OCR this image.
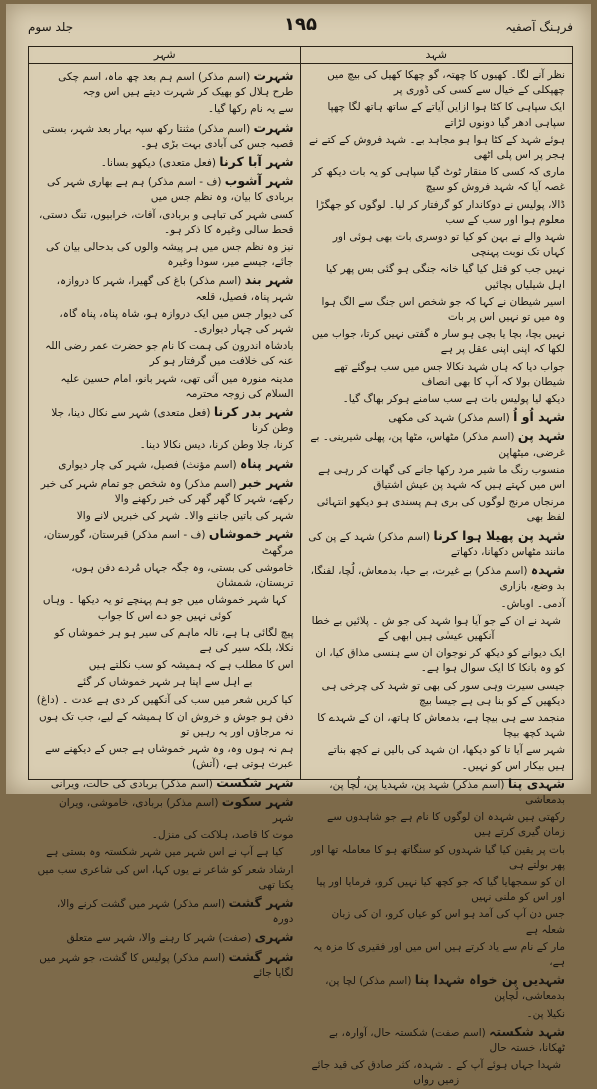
جلد سوم	۱۹۵	فرہنگ آصفیہ
شہد
نظر آنے لگا۔ کھیوں کا چھتہ، گو چھکا کھیل کی بیچ میں چھپکلی کے خیال سے کسی کی ڈوری پر
ایک سپاہی کا کٹا ہوا ازایں آیاتے کے ساتھ ہاتھ لگا چھپا سپاہی ادھر گیا دونوں لڑاتے
ہوئے شہد کے کٹا ہوا ہو مجاہد بے۔ شہد فروش کے کتے نے ہجر پر اس پلی اٹھی
ماری کہ کسی کا منقار ٹوٹ گیا سپاہی کو یہ بات دیکھ کر غصہ آیا کہ شہد فروش کو سیچ
ڈالا، پولیس نے دوکاندار کو گرفتار کر لیا۔ لوگوں کو جھگڑا معلوم ہوا اور سب کے سب
شہد والے نے بہن کو کیا تو دوسری بات بھی ہوئی اور کہاں تک نوبت پہنچی
نہیں جب کو قتل کیا گیا خانہ جنگی ہو گئی بس پھر کیا اہل شیلیاں بچائیں
اسیر شیطان نے کہا کہ جو شخص اس جنگ سے الگ ہوا وہ میں تو نہیں اس پر بات
نہیں بچا، بچا یا بچی ہو سار ہ گفتی نہیں کرتا، جواب میں لکھا کہ اپنی اپنی عقل پر ہے
جواب دیا کہ ہاں شہد نکالا جس میں سب ہوگئے تھے شیطان بولا کہ آپ کا بھی انصاف
دیکھ لیا پولیس بات ہے سب سامنے ہوکر بھاگ گیا۔
شہد اُو اُ (اسم مذکر) شہد کی مکھی
شہد پن (اسم مذکر) مٹھاس، مٹھا پن، پھلی شیرینی۔ بے غرضی، میٹھاپن
منسوب رنگ ما شیر مرد رکھا جانے کی گھات کر رہی ہے اس میں کہتے ہیں کہ شہد پن عیش اشتیاق
مرنجاں مرنج لوگوں کی بری ہم پسندی ہو دیکھو انتہائی لفظ بھی
شہد پن پھیلا ہوا کرنا (اسم مذکر) شہد کے پن کی مانند مٹھاس دکھانا، دکھاتے
شہدہ (اسم مذکر) بے غیرت، بے حیا، بدمعاش، لُچا، لفنگا، بد وضع، بازاری
آدمی۔ اوباش۔
شہد نے ان کے جو آیا ہوا شہد کی جو ش ۔ پلائیں بے خطا آنکھیں عیسٰی ہیں ابھی کے
ایک دیوانے کو دیکھ کر نوجوان ان سے ہنسی مذاق کیا، ان کو وہ بانکا کا ایک سوال ہوا ہے۔
جیسی سیرت وہی سور کی بھی تو شہد کی چرخی ہی دیکھیں کے کو بنا ہی ہے جیسا بیچ
منجمد سے ہی بیچا ہے، بدمعاش کا ہاتھ، ان کے شہدے کا شہد کچھ بیچا
شہر سے آیا تا کو دیکھا، ان شہد کی بالیں نے کچھ بناتے ہیں بیکار اس کو نہیں۔
شہدی پنا (اسم مذکر) شہد پن، شہدیا پن، لُچا پن، بدمعاشی
رکھتی ہیں شہدہ ان لوگوں کا نام ہے جو شاہدوں سے زمان گیری کرتے ہیں
بات پر یقین کیا گیا شہدوں کو سنگاتھ ہو کا معاملہ تھا اور پھر بولتے ہی
ان کو سمجھایا گیا کہ جو کچھ کیا نہیں کرو، فرمایا اور پیا اور اس کو ملنی نہیں
جس دن آپ کی آمد ہو اس کو عیاں کرو، ان کی زبان شعلہ ہے
مار کے نام سے یاد کرتے ہیں اس میں اور فقیری کا مزہ یہ ہے،
شہدیں پن خواہ شہدا پنا (اسم مذکر) لچا پن، بدمعاشی، لُچاپن
نکیلا پن۔
شہد شکستہ (اسم صفت) شکستہ حال، آوارہ، بے ٹھکانا، خستہ حال
شہدا جہاں ہوئے آپ کے ۔ شہدہ، کثر صادق کی قید جائے زمیں رواں
شہر
شہرت (اسم مذکر) اسم ہم بعد چھ ماہ، اسم چکی طرح ہلال کو بھیک کر شہرت دیتے ہیں اس وجہ
سے یہ نام رکھا گیا۔
شہرت (اسم مذکر) مثنتا رکھ سپہ بہار بعد شہر، بستی قصبہ جس کی آبادی بہت بڑی ہو۔
شہر آبا کرنا (فعل متعدی) دیکھو بسانا۔
شہر آشوب (ف - اسم مذکر) ہم ہے بھاری شہر کی بربادی کا بیان، وہ نظم جس میں
کسی شہر کی تباہی و بربادی، آفات، خرابیوں، تنگ دستی، قحط سالی وغیرہ کا ذکر ہو۔
نیز وہ نظم جس میں ہر پیشہ والوں کی بدحالی بیان کی جائے، جیسے میر، سودا وغیرہ
شہر بند (اسم مذکر) باغ کی گھیرا، شہر کا دروازہ، شہر پناہ، فصیل، قلعہ
کی دیوار جس میں ایک دروازہ ہو، شاہ پناہ، پناہ گاہ، شہر کی چہار دیواری۔
بادشاہ اندرون کی ہمت کا نام جو حضرت عمر رضی اللہ عنہ کی خلافت میں گرفتار ہو کر
مدینہ منورہ میں آئی تھی، شہر بانو، امام حسین علیہ السلام کی زوجہ محترمہ
شہر بدر کرنا (فعل متعدی) شہر سے نکال دینا، جلا وطن کرنا
کرنا، جلا وطن کرنا، دیس نکالا دینا۔
شہر پناہ (اسم مؤنث) فصیل، شہر کی چار دیواری
شہر خبر (اسم مذکر) وہ شخص جو تمام شہر کی خبر رکھے، شہر کا گھر گھر کی خبر رکھنے والا
شہر کی باتیں جاننے والا۔ شہر کی خبریں لانے والا
شہر خموشاں (ف - اسم مذکر) قبرستان، گورستان، مرگھٹ
خاموشی کی بستی، وہ جگہ جہاں مُردے دفن ہوں، تربستان، شمشان
کہا شہر خموشاں میں جو ہم پہنچے تو یہ دیکھا ۔ وہاں کوئی نہیں جو دے اس کا جواب
پیچ لگائی ہا ہے، نالہ ماہم کی سیر ہو ہر خموشاں کو نکلا، بلکہ سیر کی ہے
اس کا مطلب ہے کہ ہمیشہ کو سب نکلتے ہیں
بے اہل سے اپنا ہر شہر خموشاں کر گئے
کیا کریں شعر میں سب کی آنکھیں کر دی ہے عدت ۔ (داغ)
دفن ہو جوش و خروش ان کا ہمیشہ کے لیے، جب تک ہوں نہ مرجاؤں اور یہ رہیں تو
ہم نہ ہوں وہ، وہ شہر خموشاں ہے جس کے دیکھنے سے عبرت ہوتی ہے، (آتش)
شہر شکست (اسم مذکر) بربادی کی حالت، ویرانی
شہر سکوت (اسم مذکر) بربادی، خاموشی، ویران شہر
موت کا قاصد، ہلاکت کی منزل۔
کیا ہے آپ نے اس شہر میں شہر شکستہ وہ بستی ہے
ارشاد شعر کو شاعر نے یوں کہا، اس کی شاعری سب میں یکتا تھی
شہر گشت (اسم مذکر) شہر میں گشت کرنے والا، دورہ
شہری (صفت) شہر کا رہنے والا، شہر سے متعلق
شہر گشت (اسم مذکر) پولیس کا گشت، جو شہر میں لگایا جائے
